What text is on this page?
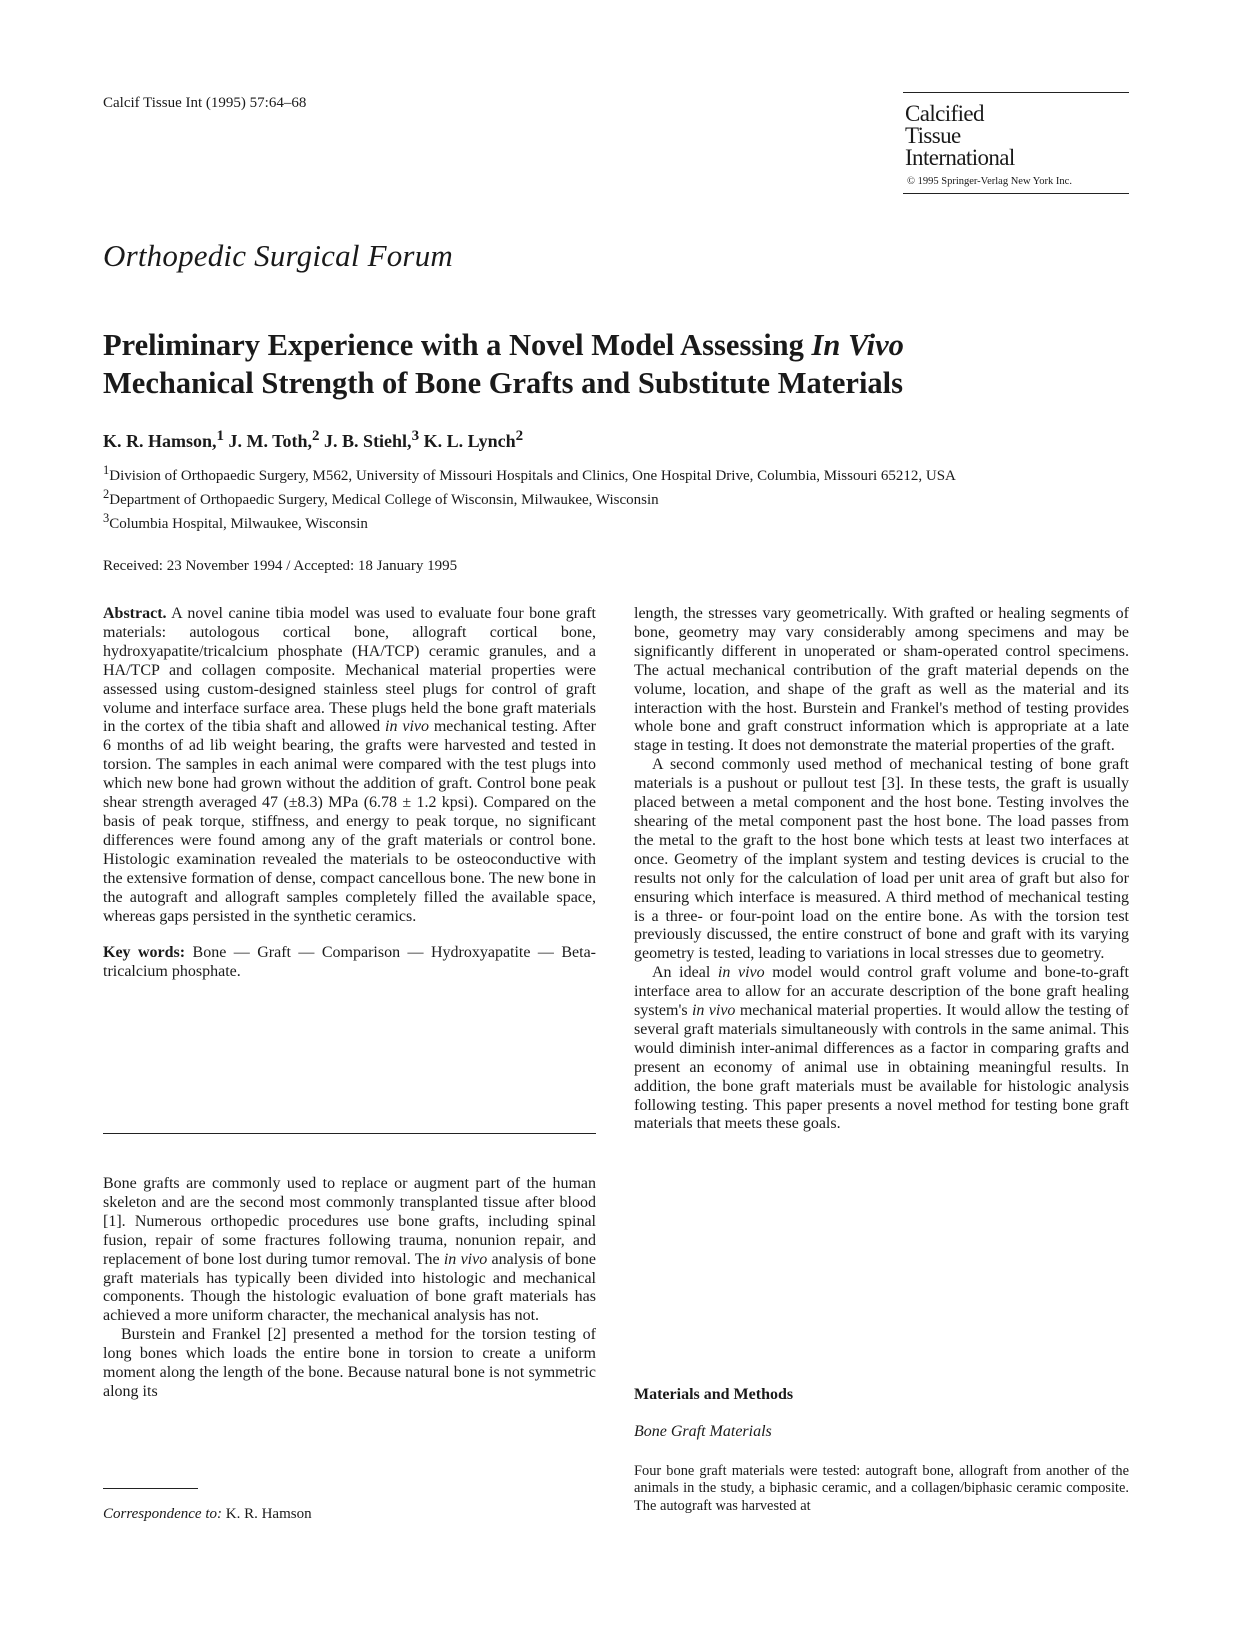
Calcif Tissue Int (1995) 57:64–68	Calcified
Tissue
International
© 1995 Springer-Verlag New York Inc.
Orthopedic Surgical Forum
Preliminary Experience with a Novel Model Assessing In Vivo
Mechanical Strength of Bone Grafts and Substitute Materials
K. R. Hamson,$^1$ J. M. Toth,$^2$ J. B. Stiehl,$^3$ K. L. Lynch$^2$

$^1$Division of Orthopaedic Surgery, M562, University of Missouri Hospitals and Clinics, One Hospital Drive, Columbia, Missouri 65212, USA

$^2$Department of Orthopaedic Surgery, Medical College of Wisconsin, Milwaukee, Wisconsin

$^3$Columbia Hospital, Milwaukee, Wisconsin

Received: 23 November 1994 / Accepted: 18 January 1995

Abstract. A novel canine tibia model was used to evaluate four bone graft materials: autologous cortical bone, allograft cortical bone, hydroxyapatite/tricalcium phosphate (HA/TCP) ceramic granules, and a HA/TCP and collagen composite. Mechanical material properties were assessed using custom-designed stainless steel plugs for control of graft volume and interface surface area. These plugs held the bone graft materials in the cortex of the tibia shaft and allowed in vivo mechanical testing. After 6 months of ad lib weight bearing, the grafts were harvested and tested in torsion. The samples in each animal were compared with the test plugs into which new bone had grown without the addition of graft. Control bone peak shear strength averaged 47 (±8.3) MPa (6.78 ± 1.2 kpsi). Compared on the basis of peak torque, stiffness, and energy to peak torque, no significant differences were found among any of the graft materials or control bone. Histologic examination revealed the materials to be osteoconductive with the extensive formation of dense, compact cancellous bone. The new bone in the autograft and allograft samples completely filled the available space, whereas gaps persisted in the synthetic ceramics.

Key words: Bone — Graft — Comparison — Hydroxyapatite — Beta-tricalcium phosphate.

Bone grafts are commonly used to replace or augment part of the human skeleton and are the second most commonly transplanted tissue after blood [1]. Numerous orthopedic procedures use bone grafts, including spinal fusion, repair of some fractures following trauma, nonunion repair, and replacement of bone lost during tumor removal. The in vivo analysis of bone graft materials has typically been divided into histologic and mechanical components. Though the histologic evaluation of bone graft materials has achieved a more uniform character, the mechanical analysis has not.

Burstein and Frankel [2] presented a method for the torsion testing of long bones which loads the entire bone in torsion to create a uniform moment along the length of the bone. Because natural bone is not symmetric along its

Correspondence to: K. R. Hamson

length, the stresses vary geometrically. With grafted or healing segments of bone, geometry may vary considerably among specimens and may be significantly different in unoperated or sham-operated control specimens. The actual mechanical contribution of the graft material depends on the volume, location, and shape of the graft as well as the material and its interaction with the host. Burstein and Frankel's method of testing provides whole bone and graft construct information which is appropriate at a late stage in testing. It does not demonstrate the material properties of the graft.

A second commonly used method of mechanical testing of bone graft materials is a pushout or pullout test [3]. In these tests, the graft is usually placed between a metal component and the host bone. Testing involves the shearing of the metal component past the host bone. The load passes from the metal to the graft to the host bone which tests at least two interfaces at once. Geometry of the implant system and testing devices is crucial to the results not only for the calculation of load per unit area of graft but also for ensuring which interface is measured. A third method of mechanical testing is a three- or four-point load on the entire bone. As with the torsion test previously discussed, the entire construct of bone and graft with its varying geometry is tested, leading to variations in local stresses due to geometry.

An ideal in vivo model would control graft volume and bone-to-graft interface area to allow for an accurate description of the bone graft healing system's in vivo mechanical material properties. It would allow the testing of several graft materials simultaneously with controls in the same animal. This would diminish inter-animal differences as a factor in comparing grafts and present an economy of animal use in obtaining meaningful results. In addition, the bone graft materials must be available for histologic analysis following testing. This paper presents a novel method for testing bone graft materials that meets these goals.

Materials and Methods
Bone Graft Materials

Four bone graft materials were tested: autograft bone, allograft from another of the animals in the study, a biphasic ceramic, and a collagen/biphasic ceramic composite. The autograft was harvested at
